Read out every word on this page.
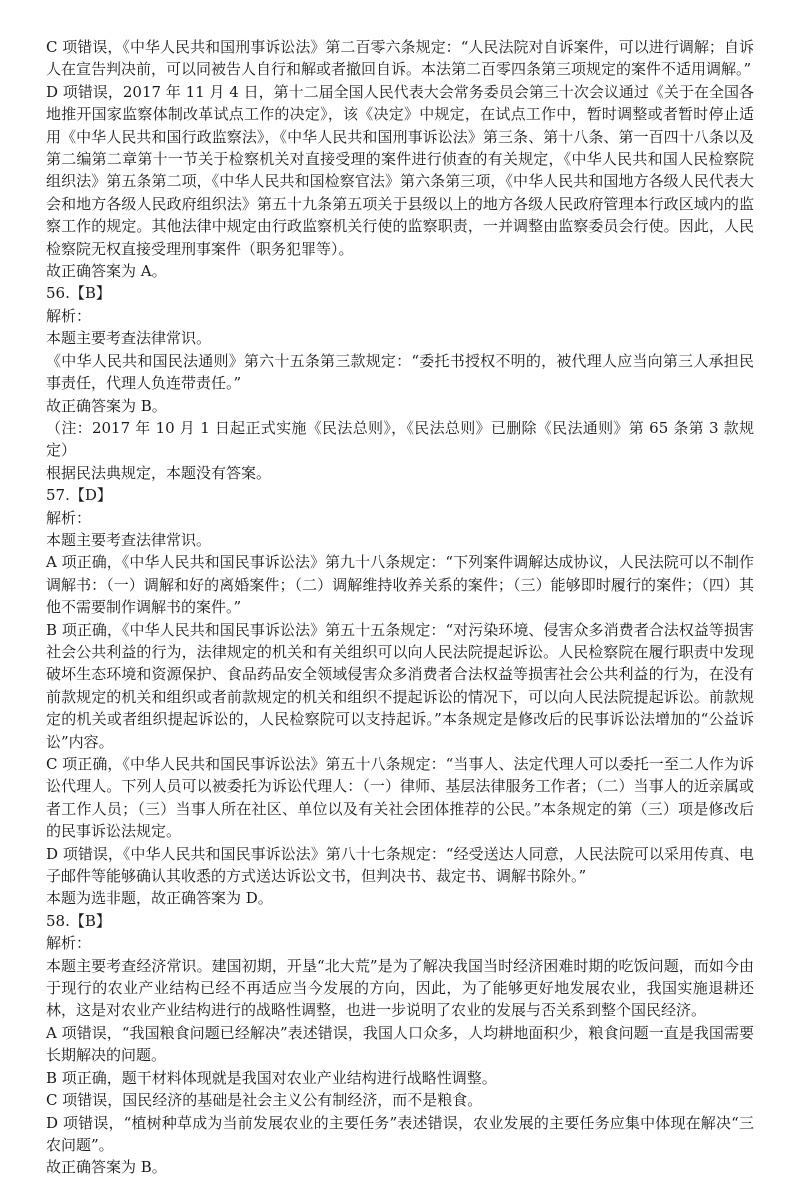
C 项错误，《中华人民共和国刑事诉讼法》第二百零六条规定：“人民法院对自诉案件，可以进行调解；自诉人在宣告判决前，可以同被告人自行和解或者撤回自诉。本法第二百零四条第三项规定的案件不适用调解。”

D 项错误，2017 年 11 月 4 日，第十二届全国人民代表大会常务委员会第三十次会议通过《关于在全国各地推开国家监察体制改革试点工作的决定》，该《决定》中规定，在试点工作中，暂时调整或者暂时停止适用《中华人民共和国行政监察法》，《中华人民共和国刑事诉讼法》第三条、第十八条、第一百四十八条以及第二编第二章第十一节关于检察机关对直接受理的案件进行侦查的有关规定，《中华人民共和国人民检察院组织法》第五条第二项，《中华人民共和国检察官法》第六条第三项，《中华人民共和国地方各级人民代表大会和地方各级人民政府组织法》第五十九条第五项关于县级以上的地方各级人民政府管理本行政区域内的监察工作的规定。其他法律中规定由行政监察机关行使的监察职责，一并调整由监察委员会行使。因此，人民检察院无权直接受理刑事案件（职务犯罪等）。

故正确答案为 A。

56.【B】

解析：

本题主要考查法律常识。

《中华人民共和国民法通则》第六十五条第三款规定：“委托书授权不明的，被代理人应当向第三人承担民事责任，代理人负连带责任。”

故正确答案为 B。

（注：2017 年 10 月 1 日起正式实施《民法总则》，《民法总则》已删除《民法通则》第 65 条第 3 款规定）

根据民法典规定，本题没有答案。

57.【D】

解析：

本题主要考查法律常识。

A 项正确，《中华人民共和国民事诉讼法》第九十八条规定：“下列案件调解达成协议，人民法院可以不制作调解书：（一）调解和好的离婚案件；（二）调解维持收养关系的案件；（三）能够即时履行的案件；（四）其他不需要制作调解书的案件。”

B 项正确，《中华人民共和国民事诉讼法》第五十五条规定：“对污染环境、侵害众多消费者合法权益等损害社会公共利益的行为，法律规定的机关和有关组织可以向人民法院提起诉讼。人民检察院在履行职责中发现破坏生态环境和资源保护、食品药品安全领域侵害众多消费者合法权益等损害社会公共利益的行为，在没有前款规定的机关和组织或者前款规定的机关和组织不提起诉讼的情况下，可以向人民法院提起诉讼。前款规定的机关或者组织提起诉讼的，人民检察院可以支持起诉。”本条规定是修改后的民事诉讼法增加的“公益诉讼”内容。

C 项正确，《中华人民共和国民事诉讼法》第五十八条规定：“当事人、法定代理人可以委托一至二人作为诉讼代理人。下列人员可以被委托为诉讼代理人：（一）律师、基层法律服务工作者；（二）当事人的近亲属或者工作人员；（三）当事人所在社区、单位以及有关社会团体推荐的公民。”本条规定的第（三）项是修改后的民事诉讼法规定。

D 项错误，《中华人民共和国民事诉讼法》第八十七条规定：“经受送达人同意，人民法院可以采用传真、电子邮件等能够确认其收悉的方式送达诉讼文书，但判决书、裁定书、调解书除外。”

本题为选非题，故正确答案为 D。

58.【B】

解析：

本题主要考查经济常识。建国初期，开垦“北大荒”是为了解决我国当时经济困难时期的吃饭问题，而如今由于现行的农业产业结构已经不再适应当今发展的方向，因此，为了能够更好地发展农业，我国实施退耕还林，这是对农业产业结构进行的战略性调整，也进一步说明了农业的发展与否关系到整个国民经济。

A 项错误，“我国粮食问题已经解决”表述错误，我国人口众多，人均耕地面积少，粮食问题一直是我国需要长期解决的问题。

B 项正确，题干材料体现就是我国对农业产业结构进行战略性调整。

C 项错误，国民经济的基础是社会主义公有制经济，而不是粮食。

D 项错误，“植树种草成为当前发展农业的主要任务”表述错误，农业发展的主要任务应集中体现在解决“三农问题”。

故正确答案为 B。
